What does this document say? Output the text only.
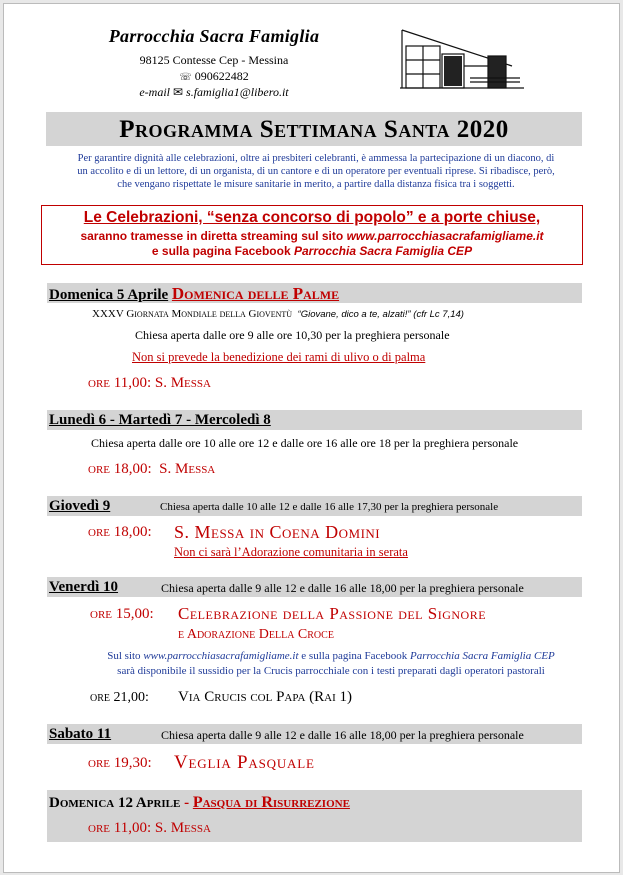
Parrocchia Sacra Famiglia
98125 Contesse Cep - Messina
☏ 090622482
e-mail ✉ s.famiglia1@libero.it
Programma Settimana Santa 2020
Per garantire dignità alle celebrazioni, oltre ai presbiteri celebranti, è ammessa la partecipazione di un diacono, di
un accolito e di un lettore, di un organista, di un cantore e di un operatore per eventuali riprese. Si ribadisce, però,
che vengano rispettate le misure sanitarie in merito, a partire dalla distanza fisica tra i soggetti.
Le Celebrazioni, “senza concorso di popolo” e a porte chiuse,
saranno tramesse in diretta streaming sul sito www.parrocchiasacrafamigliame.it
e sulla pagina Facebook Parrocchia Sacra Famiglia CEP
Domenica 5 Aprile Domenica delle Palme
XXXV Giornata Mondiale della Gioventù “Giovane, dico a te, alzati!” (cfr Lc 7,14)
Chiesa aperta dalle ore 9 alle ore 10,30 per la preghiera personale
Non si prevede la benedizione dei rami di ulivo o di palma
ore 11,00: S. Messa
Lunedì 6 - Martedì 7 - Mercoledì 8
Chiesa aperta dalle ore 10 alle ore 12 e dalle ore 16 alle ore 18 per la preghiera personale
ore 18,00: S. Messa
Giovedì 9	Chiesa aperta dalle 10 alle 12 e dalle 16 alle 17,30 per la preghiera personale
ore 18,00: S. Messa in Coena Domini
Non ci sarà l’Adorazione comunitaria in serata
Venerdì 10	Chiesa aperta dalle 9 alle 12 e dalle 16 alle 18,00 per la preghiera personale
ore 15,00: Celebrazione della Passione del Signore
e Adorazione Della Croce
Sul sito www.parrocchiasacrafamigliame.it e sulla pagina Facebook Parrocchia Sacra Famiglia CEP
sarà disponibile il sussidio per la Crucis parrocchiale con i testi preparati dagli operatori pastorali
ore 21,00: Via Crucis col Papa (Rai 1)
Sabato 11	Chiesa aperta dalle 9 alle 12 e dalle 16 alle 18,00 per la preghiera personale
ore 19,30: Veglia Pasquale
Domenica 12 Aprile - Pasqua di Risurrezione
ore 11,00: S. Messa
